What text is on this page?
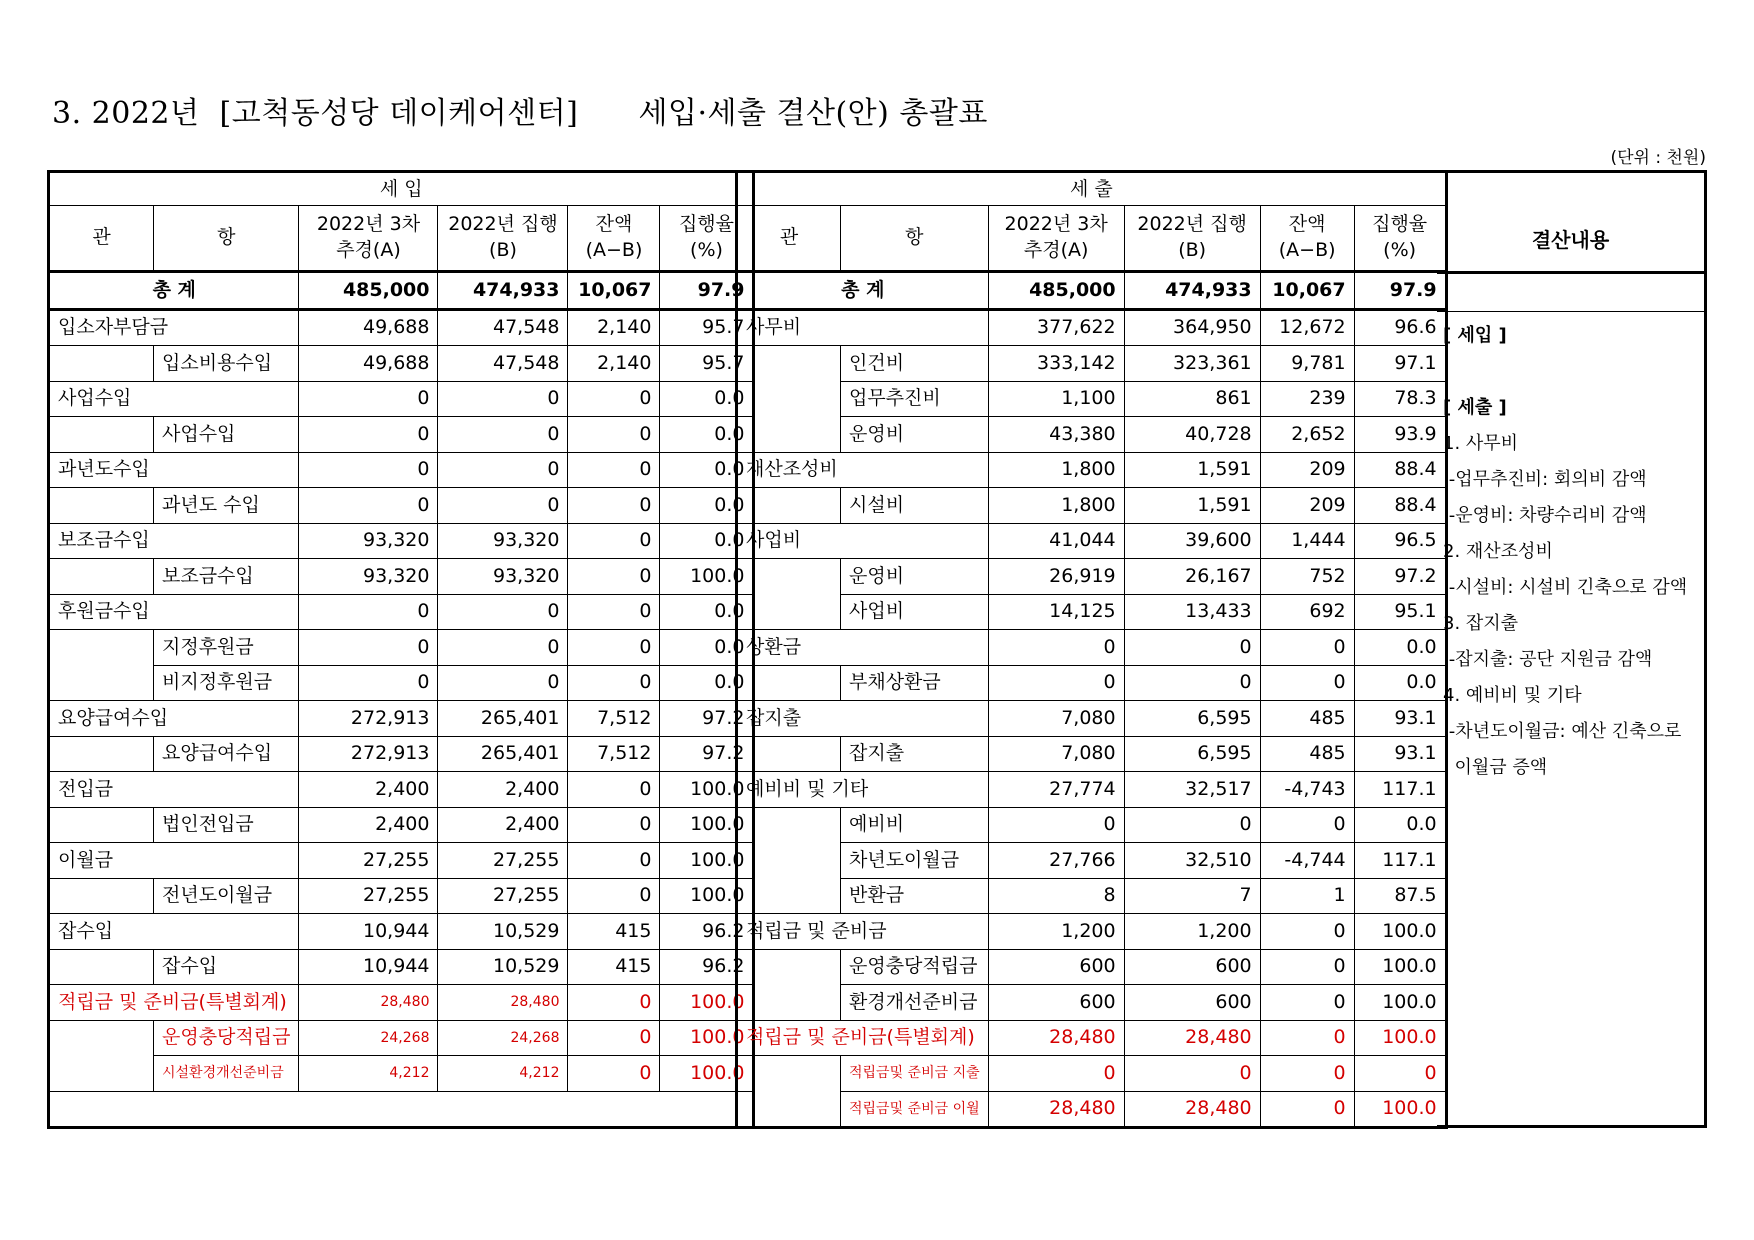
3. 2022년  [고척동성당 데이케어센터]      세입·세출 결산(안) 총괄표
(단위 : 천원)
세 입					
관	항	2022년 3차 추경(A)	2022년 집행(B)	잔액 (A−B)	집행율 (%)
총 계		485,000	474,933	10,067	97.9
입소자부담금		49,688	47,548	2,140	95.7
	입소비용수입	49,688	47,548	2,140	95.7
사업수입		0	0	0	0.0
	사업수입	0	0	0	0.0
과년도수입		0	0	0	0.0
	과년도 수입	0	0	0	0.0
보조금수입		93,320	93,320	0	0.0
	보조금수입	93,320	93,320	0	100.0
후원금수입		0	0	0	0.0
	지정후원금	0	0	0	0.0
	비지정후원금	0	0	0	0.0
요양급여수입		272,913	265,401	7,512	97.2
	요양급여수입	272,913	265,401	7,512	97.2
전입금		2,400	2,400	0	100.0
	법인전입금	2,400	2,400	0	100.0
이월금		27,255	27,255	0	100.0
	전년도이월금	27,255	27,255	0	100.0
잡수입		10,944	10,529	415	96.2
	잡수입	10,944	10,529	415	96.2
적립금 및 준비금(특별회계)		28,480	28,480	0	100.0
	운영충당적립금	24,268	24,268	0	100.0
	시설환경개선준비금	4,212	4,212	0	100.0

세 출					
관	항	2022년 3차 추경(A)	2022년 집행(B)	잔액 (A−B)	집행율 (%)
총 계		485,000	474,933	10,067	97.9
사무비		377,622	364,950	12,672	96.6
	인건비	333,142	323,361	9,781	97.1
	업무추진비	1,100	861	239	78.3
	운영비	43,380	40,728	2,652	93.9
재산조성비		1,800	1,591	209	88.4
	시설비	1,800	1,591	209	88.4
사업비		41,044	39,600	1,444	96.5
	운영비	26,919	26,167	752	97.2
	사업비	14,125	13,433	692	95.1
상환금		0	0	0	0.0
	부채상환금	0	0	0	0.0
잡지출		7,080	6,595	485	93.1
	잡지출	7,080	6,595	485	93.1
예비비 및 기타		27,774	32,517	-4,743	117.1
	예비비	0	0	0	0.0
	차년도이월금	27,766	32,510	-4,744	117.1
	반환금	8	7	1	87.5
적립금 및 준비금		1,200	1,200	0	100.0
	운영충당적립금	600	600	0	100.0
	환경개선준비금	600	600	0	100.0
적립금 및 준비금(특별회계)		28,480	28,480	0	100.0
	적립금및 준비금 지출	0	0	0	0
	적립금및 준비금 이월	28,480	28,480	0	100.0
결산내용
[ 세입 ]
[ 세출 ]
1. 사무비
-업무추진비: 회의비 감액
-운영비: 차량수리비 감액
2. 재산조성비
-시설비: 시설비 긴축으로 감액
3. 잡지출
-잡지출: 공단 지원금 감액
4. 예비비 및 기타
-차년도이월금: 예산 긴축으로
이월금 증액
